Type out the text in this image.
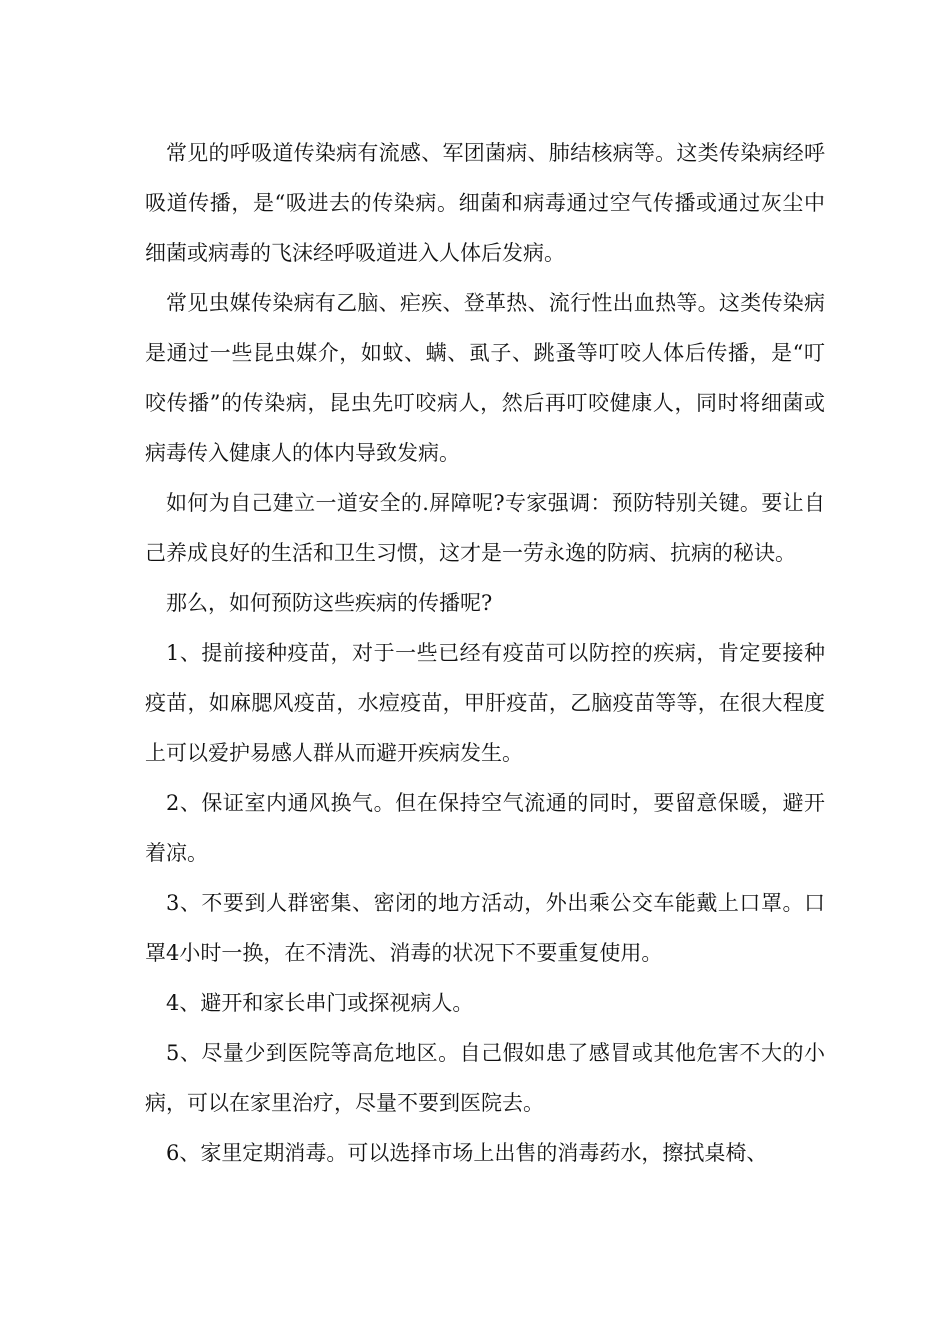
常见的呼吸道传染病有流感、军团菌病、肺结核病等。这类传染病经呼吸道传播，是“吸进去的传染病。细菌和病毒通过空气传播或通过灰尘中细菌或病毒的飞沫经呼吸道进入人体后发病。

常见虫媒传染病有乙脑、疟疾、登革热、流行性出血热等。这类传染病是通过一些昆虫媒介，如蚊、螨、虱子、跳蚤等叮咬人体后传播，是“叮咬传播”的传染病，昆虫先叮咬病人，然后再叮咬健康人，同时将细菌或病毒传入健康人的体内导致发病。

如何为自己建立一道安全的.屏障呢?专家强调：预防特别关键。要让自己养成良好的生活和卫生习惯，这才是一劳永逸的防病、抗病的秘诀。

那么，如何预防这些疾病的传播呢?

1、提前接种疫苗，对于一些已经有疫苗可以防控的疾病，肯定要接种疫苗，如麻腮风疫苗，水痘疫苗，甲肝疫苗，乙脑疫苗等等，在很大程度上可以爱护易感人群从而避开疾病发生。

2、保证室内通风换气。但在保持空气流通的同时，要留意保暖，避开着凉。

3、不要到人群密集、密闭的地方活动，外出乘公交车能戴上口罩。口罩4小时一换，在不清洗、消毒的状况下不要重复使用。

4、避开和家长串门或探视病人。

5、尽量少到医院等高危地区。自己假如患了感冒或其他危害不大的小病，可以在家里治疗，尽量不要到医院去。

6、家里定期消毒。可以选择市场上出售的消毒药水，擦拭桌椅、
